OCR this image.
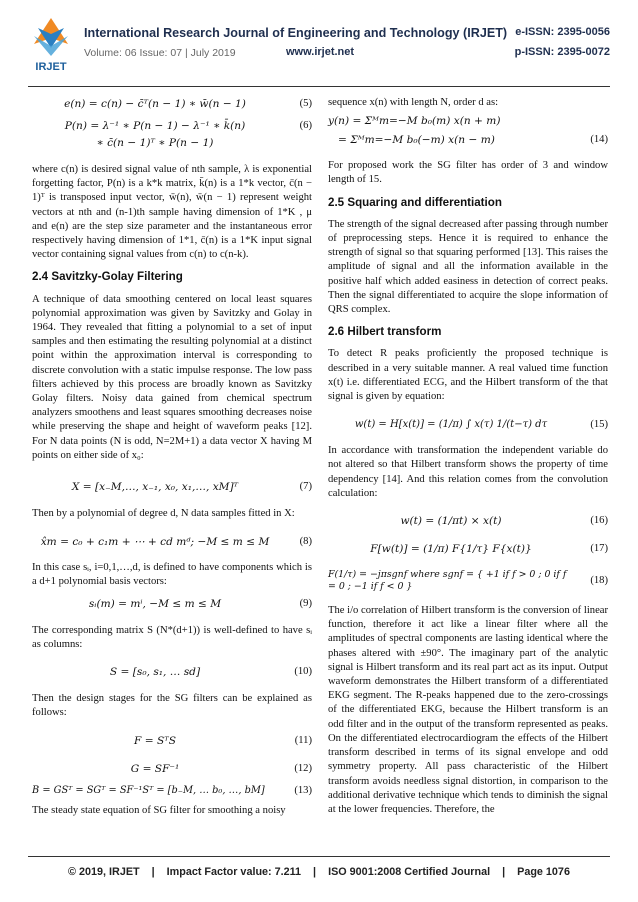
IRJET
International Research Journal of Engineering and Technology (IRJET) e-ISSN: 2395-0056
Volume: 06 Issue: 07 | July 2019	www.irjet.net	p-ISSN: 2395-0072
e(n) = c(n) − c̄ᵀ(n − 1) ∗ w̄(n − 1)	(5)
P(n) = λ⁻¹ ∗ P(n − 1) − λ⁻¹ ∗ k̄(n)	(6)
∗ c̄(n − 1)ᵀ ∗ P(n − 1)

where c(n) is desired signal value of nth sample, λ is exponential forgetting factor, P(n) is a k*k matrix, k̄(n) is a 1*k vector, c̄(n − 1)ᵀ is transposed input vector, w̄(n), w̄(n − 1) represent weight vectors at nth and (n-1)th sample having dimension of 1*K , μ and e(n) are the step size parameter and the instantaneous error respectively having dimension of 1*1, c̄(n) is a 1*K input signal vector containing signal values from c(n) to c(n-k).

2.4 Savitzky-Golay Filtering

A technique of data smoothing centered on local least squares polynomial approximation was given by Savitzky and Golay in 1964. They revealed that fitting a polynomial to a set of input samples and then estimating the resulting polynomial at a distinct point within the approximation interval is corresponding to discrete convolution with a static impulse response. The low pass filters achieved by this process are broadly known as Savitzky Golay filters. Noisy data gained from chemical spectrum analyzers smoothens and least squares smoothing decreases noise while preserving the shape and height of waveform peaks [12]. For N data points (N is odd, N=2M+1) a data vector X having M points on either side of x₀:

X = [x₋M,…, x₋₁, x₀, x₁,…, xM]ᵀ	(7)

Then by a polynomial of degree d, N data samples fitted in X:

x̂m = c₀ + c₁m + ⋯ + cd mᵈ; −M ≤ m ≤ M	(8)

In this case sᵢ, i=0,1,…,d, is defined to have components which is a d+1 polynomial basis vectors:

sᵢ(m) = mⁱ, −M ≤ m ≤ M	(9)

The corresponding matrix S (N*(d+1)) is well-defined to have sᵢ as columns:

S = [s₀, s₁, … sd]	(10)

Then the design stages for the SG filters can be explained as follows:

F = SᵀS	(11)
G = SF⁻¹	(12)
B = GSᵀ = SGᵀ = SF⁻¹Sᵀ = [b₋M, … b₀, …, bM]	(13)

The steady state equation of SG filter for smoothing a noisy

sequence x(n) with length N, order d as:

y(n) = Σᴹm=−M b₀(m) x(n + m)
= Σᴹm=−M b₀(−m) x(n − m)	(14)

For proposed work the SG filter has order of 3 and window length of 15.

2.5 Squaring and differentiation

The strength of the signal decreased after passing through number of preprocessing steps. Hence it is required to enhance the strength of signal so that squaring performed [13]. This raises the amplitude of signal and all the information available in the positive half which added easiness in detection of correct peaks. Then the signal differentiated to acquire the slope information of QRS complex.

2.6 Hilbert transform

To detect R peaks proficiently the proposed technique is described in a very suitable manner. A real valued time function x(t) i.e. differentiated ECG, and the Hilbert transform of the that signal is given by equation:

w(t) = H[x(t)] = (1/π) ∫ x(τ) 1/(t−τ) dτ	(15)

In accordance with transformation the independent variable do not altered so that Hilbert transform shows the property of time dependency [14]. And this relation comes from the convolution calculation:

w(t) = (1/πt) × x(t)	(16)
F[w(t)] = (1/π) F{1/τ} F{x(t)}	(17)
F(1/τ) = −jπsgnf where sgnf = { +1 if f > 0 ; 0 if f = 0 ; −1 if f < 0 }
(18)

The i/o correlation of Hilbert transform is the conversion of linear function, therefore it act like a linear filter where all the amplitudes of spectral components are lasting identical where the phases altered with ±90°. The imaginary part of the analytic signal is Hilbert transform and its real part act as its input. Output waveform demonstrates the Hilbert transform of a differentiated EKG segment. The R-peaks happened due to the zero-crossings of the differentiated EKG, because the Hilbert transform is an odd filter and in the output of the transform represented as peaks. On the differentiated electrocardiogram the effects of the Hilbert transform described in terms of its signal envelope and odd symmetry property. All pass characteristic of the Hilbert transform avoids needless signal distortion, in comparison to the additional derivative technique which tends to diminish the signal at the lower frequencies. Therefore, the

© 2019, IRJET    |    Impact Factor value: 7.211    |    ISO 9001:2008 Certified Journal    |    Page 1076
